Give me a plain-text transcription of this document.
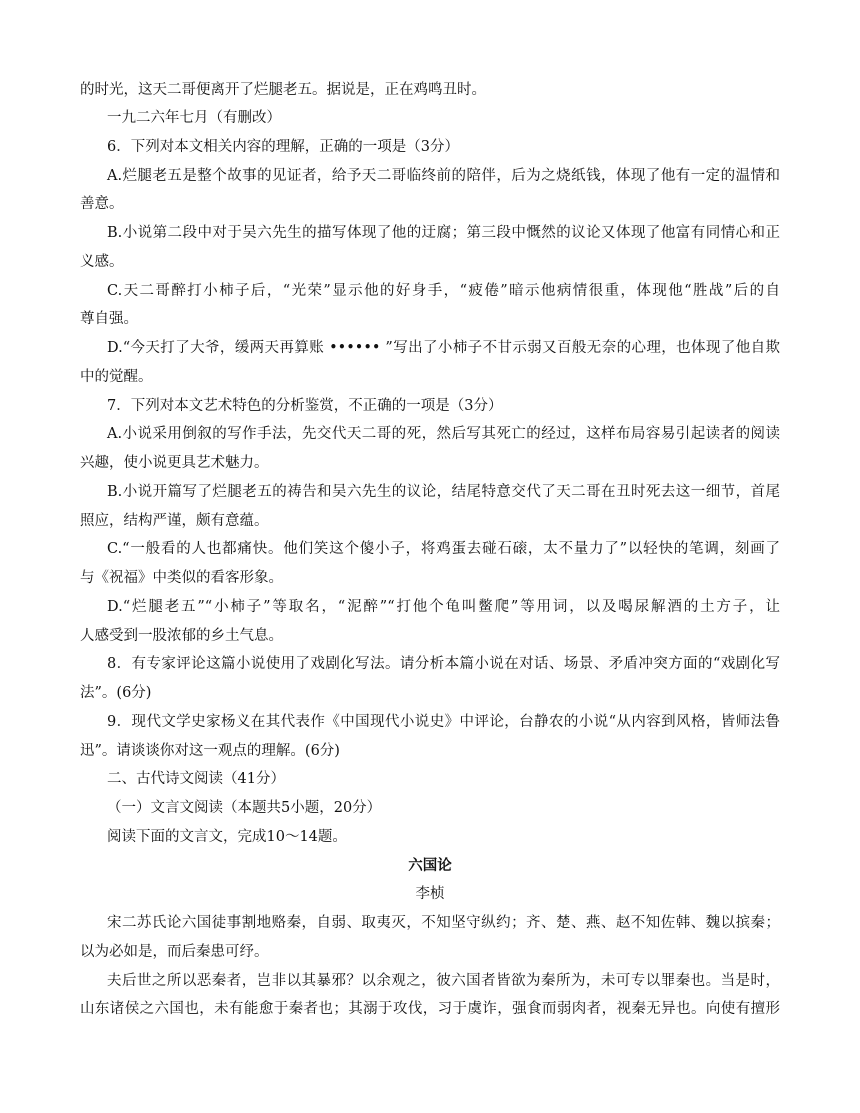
的时光，这天二哥便离开了烂腿老五。据说是，正在鸡鸣丑时。
一九二六年七月（有删改）
6．下列对本文相关内容的理解，正确的一项是（3分）
A.烂腿老五是整个故事的见证者，给予天二哥临终前的陪伴，后为之烧纸钱，体现了他有一定的温情和
善意。
B.小说第二段中对于吴六先生的描写体现了他的迂腐；第三段中慨然的议论又体现了他富有同情心和正
义感。
C.天二哥醉打小柿子后，“光荣”显示他的好身手，“疲倦”暗示他病情很重，体现他“胜战”后的自
尊自强。
D.“今天打了大爷，缓两天再算账 •••••• ”写出了小柿子不甘示弱又百般无奈的心理，也体现了他自欺
中的觉醒。
7．下列对本文艺术特色的分析鉴赏，不正确的一项是（3分）
A.小说采用倒叙的写作手法，先交代天二哥的死，然后写其死亡的经过，这样布局容易引起读者的阅读
兴趣，使小说更具艺术魅力。
B.小说开篇写了烂腿老五的祷告和吴六先生的议论，结尾特意交代了天二哥在丑时死去这一细节，首尾
照应，结构严谨，颇有意蕴。
C.“一般看的人也都痛快。他们笑这个傻小子，将鸡蛋去碰石磙，太不量力了”以轻快的笔调，刻画了
与《祝福》中类似的看客形象。
D.“烂腿老五”“小柿子”等取名，“泥醉”“打他个龟叫鳖爬”等用词，以及喝尿解酒的土方子，让
人感受到一股浓郁的乡土气息。
8．有专家评论这篇小说使用了戏剧化写法。请分析本篇小说在对话、场景、矛盾冲突方面的“戏剧化写
法”。(6分)
9．现代文学史家杨义在其代表作《中国现代小说史》中评论，台静农的小说“从内容到风格，皆师法鲁
迅”。请谈谈你对这一观点的理解。(6分)
二、古代诗文阅读（41分）
（一）文言文阅读（本题共5小题，20分）
阅读下面的文言文，完成10～14题。
六国论
李桢
宋二苏氏论六国徒事割地赂秦，自弱、取夷灭，不知坚守纵约；齐、楚、燕、赵不知佐韩、魏以摈秦；
以为必如是，而后秦患可纾。
夫后世之所以恶秦者，岂非以其暴邪？以余观之，彼六国者皆欲为秦所为，未可专以罪秦也。当是时，
山东诸侯之六国也，未有能愈于秦者也；其溺于攻伐，习于虞诈，强食而弱肉者，视秦无异也。向使有擅形
